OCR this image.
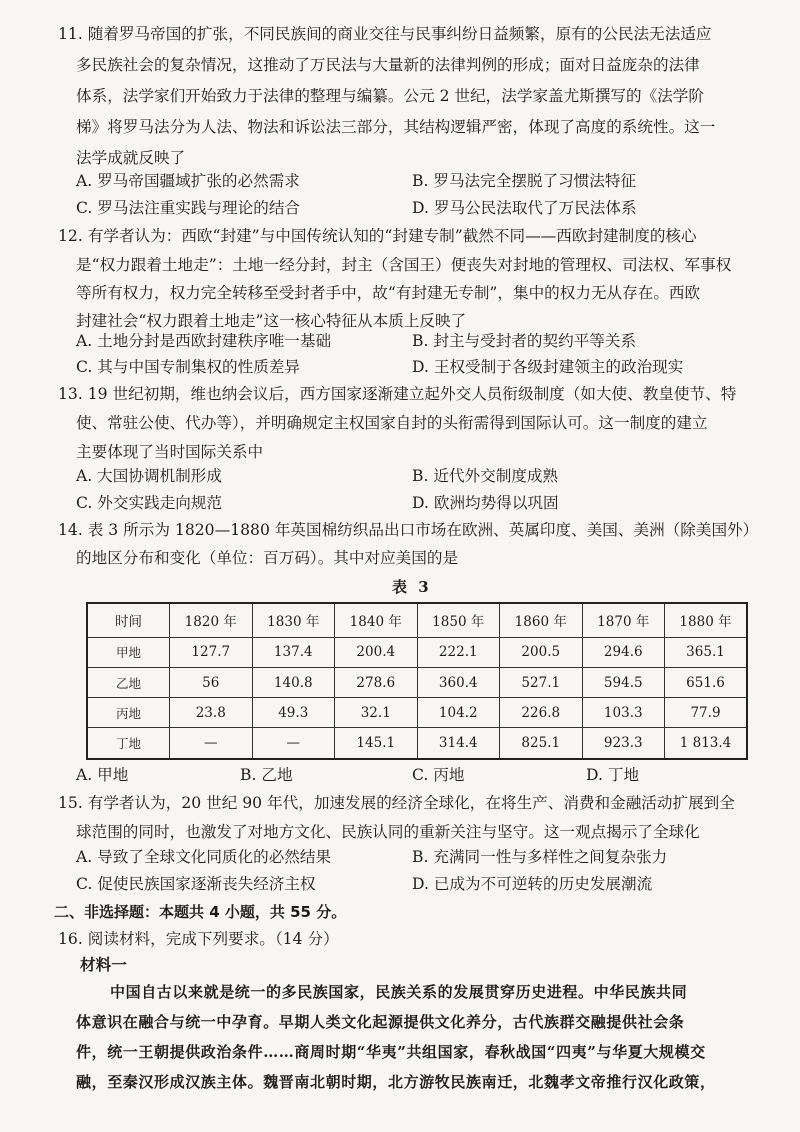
11. 随着罗马帝国的扩张，不同民族间的商业交往与民事纠纷日益频繁，原有的公民法无法适应
多民族社会的复杂情况，这推动了万民法与大量新的法律判例的形成；面对日益庞杂的法律
体系，法学家们开始致力于法律的整理与编纂。公元 2 世纪，法学家盖尤斯撰写的《法学阶
梯》将罗马法分为人法、物法和诉讼法三部分，其结构逻辑严密，体现了高度的系统性。这一
法学成就反映了
A. 罗马帝国疆域扩张的必然需求	B. 罗马法完全摆脱了习惯法特征
C. 罗马法注重实践与理论的结合	D. 罗马公民法取代了万民法体系
12. 有学者认为：西欧“封建”与中国传统认知的“封建专制”截然不同——西欧封建制度的核心
是“权力跟着土地走”：土地一经分封，封主（含国王）便丧失对封地的管理权、司法权、军事权
等所有权力，权力完全转移至受封者手中，故“有封建无专制”，集中的权力无从存在。西欧
封建社会“权力跟着土地走”这一核心特征从本质上反映了
A. 土地分封是西欧封建秩序唯一基础	B. 封主与受封者的契约平等关系
C. 其与中国专制集权的性质差异	D. 王权受制于各级封建领主的政治现实
13. 19 世纪初期，维也纳会议后，西方国家逐渐建立起外交人员衔级制度（如大使、教皇使节、特
使、常驻公使、代办等），并明确规定主权国家自封的头衔需得到国际认可。这一制度的建立
主要体现了当时国际关系中
A. 大国协调机制形成	B. 近代外交制度成熟
C. 外交实践走向规范	D. 欧洲均势得以巩固
14. 表 3 所示为 1820—1880 年英国棉纺织品出口市场在欧洲、英属印度、美国、美洲（除美国外）
的地区分布和变化（单位：百万码）。其中对应美国的是
表 3
时间	1820 年	1830 年	1840 年	1850 年	1860 年	1870 年	1880 年
甲地	127.7	137.4	200.4	222.1	200.5	294.6	365.1
乙地	56	140.8	278.6	360.4	527.1	594.5	651.6
丙地	23.8	49.3	32.1	104.2	226.8	103.3	77.9
丁地	—	—	145.1	314.4	825.1	923.3	1 813.4
A. 甲地	B. 乙地	C. 丙地	D. 丁地
15. 有学者认为，20 世纪 90 年代，加速发展的经济全球化，在将生产、消费和金融活动扩展到全
球范围的同时，也激发了对地方文化、民族认同的重新关注与坚守。这一观点揭示了全球化
A. 导致了全球文化同质化的必然结果	B. 充满同一性与多样性之间复杂张力
C. 促使民族国家逐渐丧失经济主权	D. 已成为不可逆转的历史发展潮流
二、非选择题：本题共 4 小题，共 55 分。
16. 阅读材料，完成下列要求。（14 分）
材料一
中国自古以来就是统一的多民族国家，民族关系的发展贯穿历史进程。中华民族共同
体意识在融合与统一中孕育。早期人类文化起源提供文化养分，古代族群交融提供社会条
件，统一王朝提供政治条件……商周时期“华夷”共组国家，春秋战国“四夷”与华夏大规模交
融，至秦汉形成汉族主体。魏晋南北朝时期，北方游牧民族南迁，北魏孝文帝推行汉化政策，
